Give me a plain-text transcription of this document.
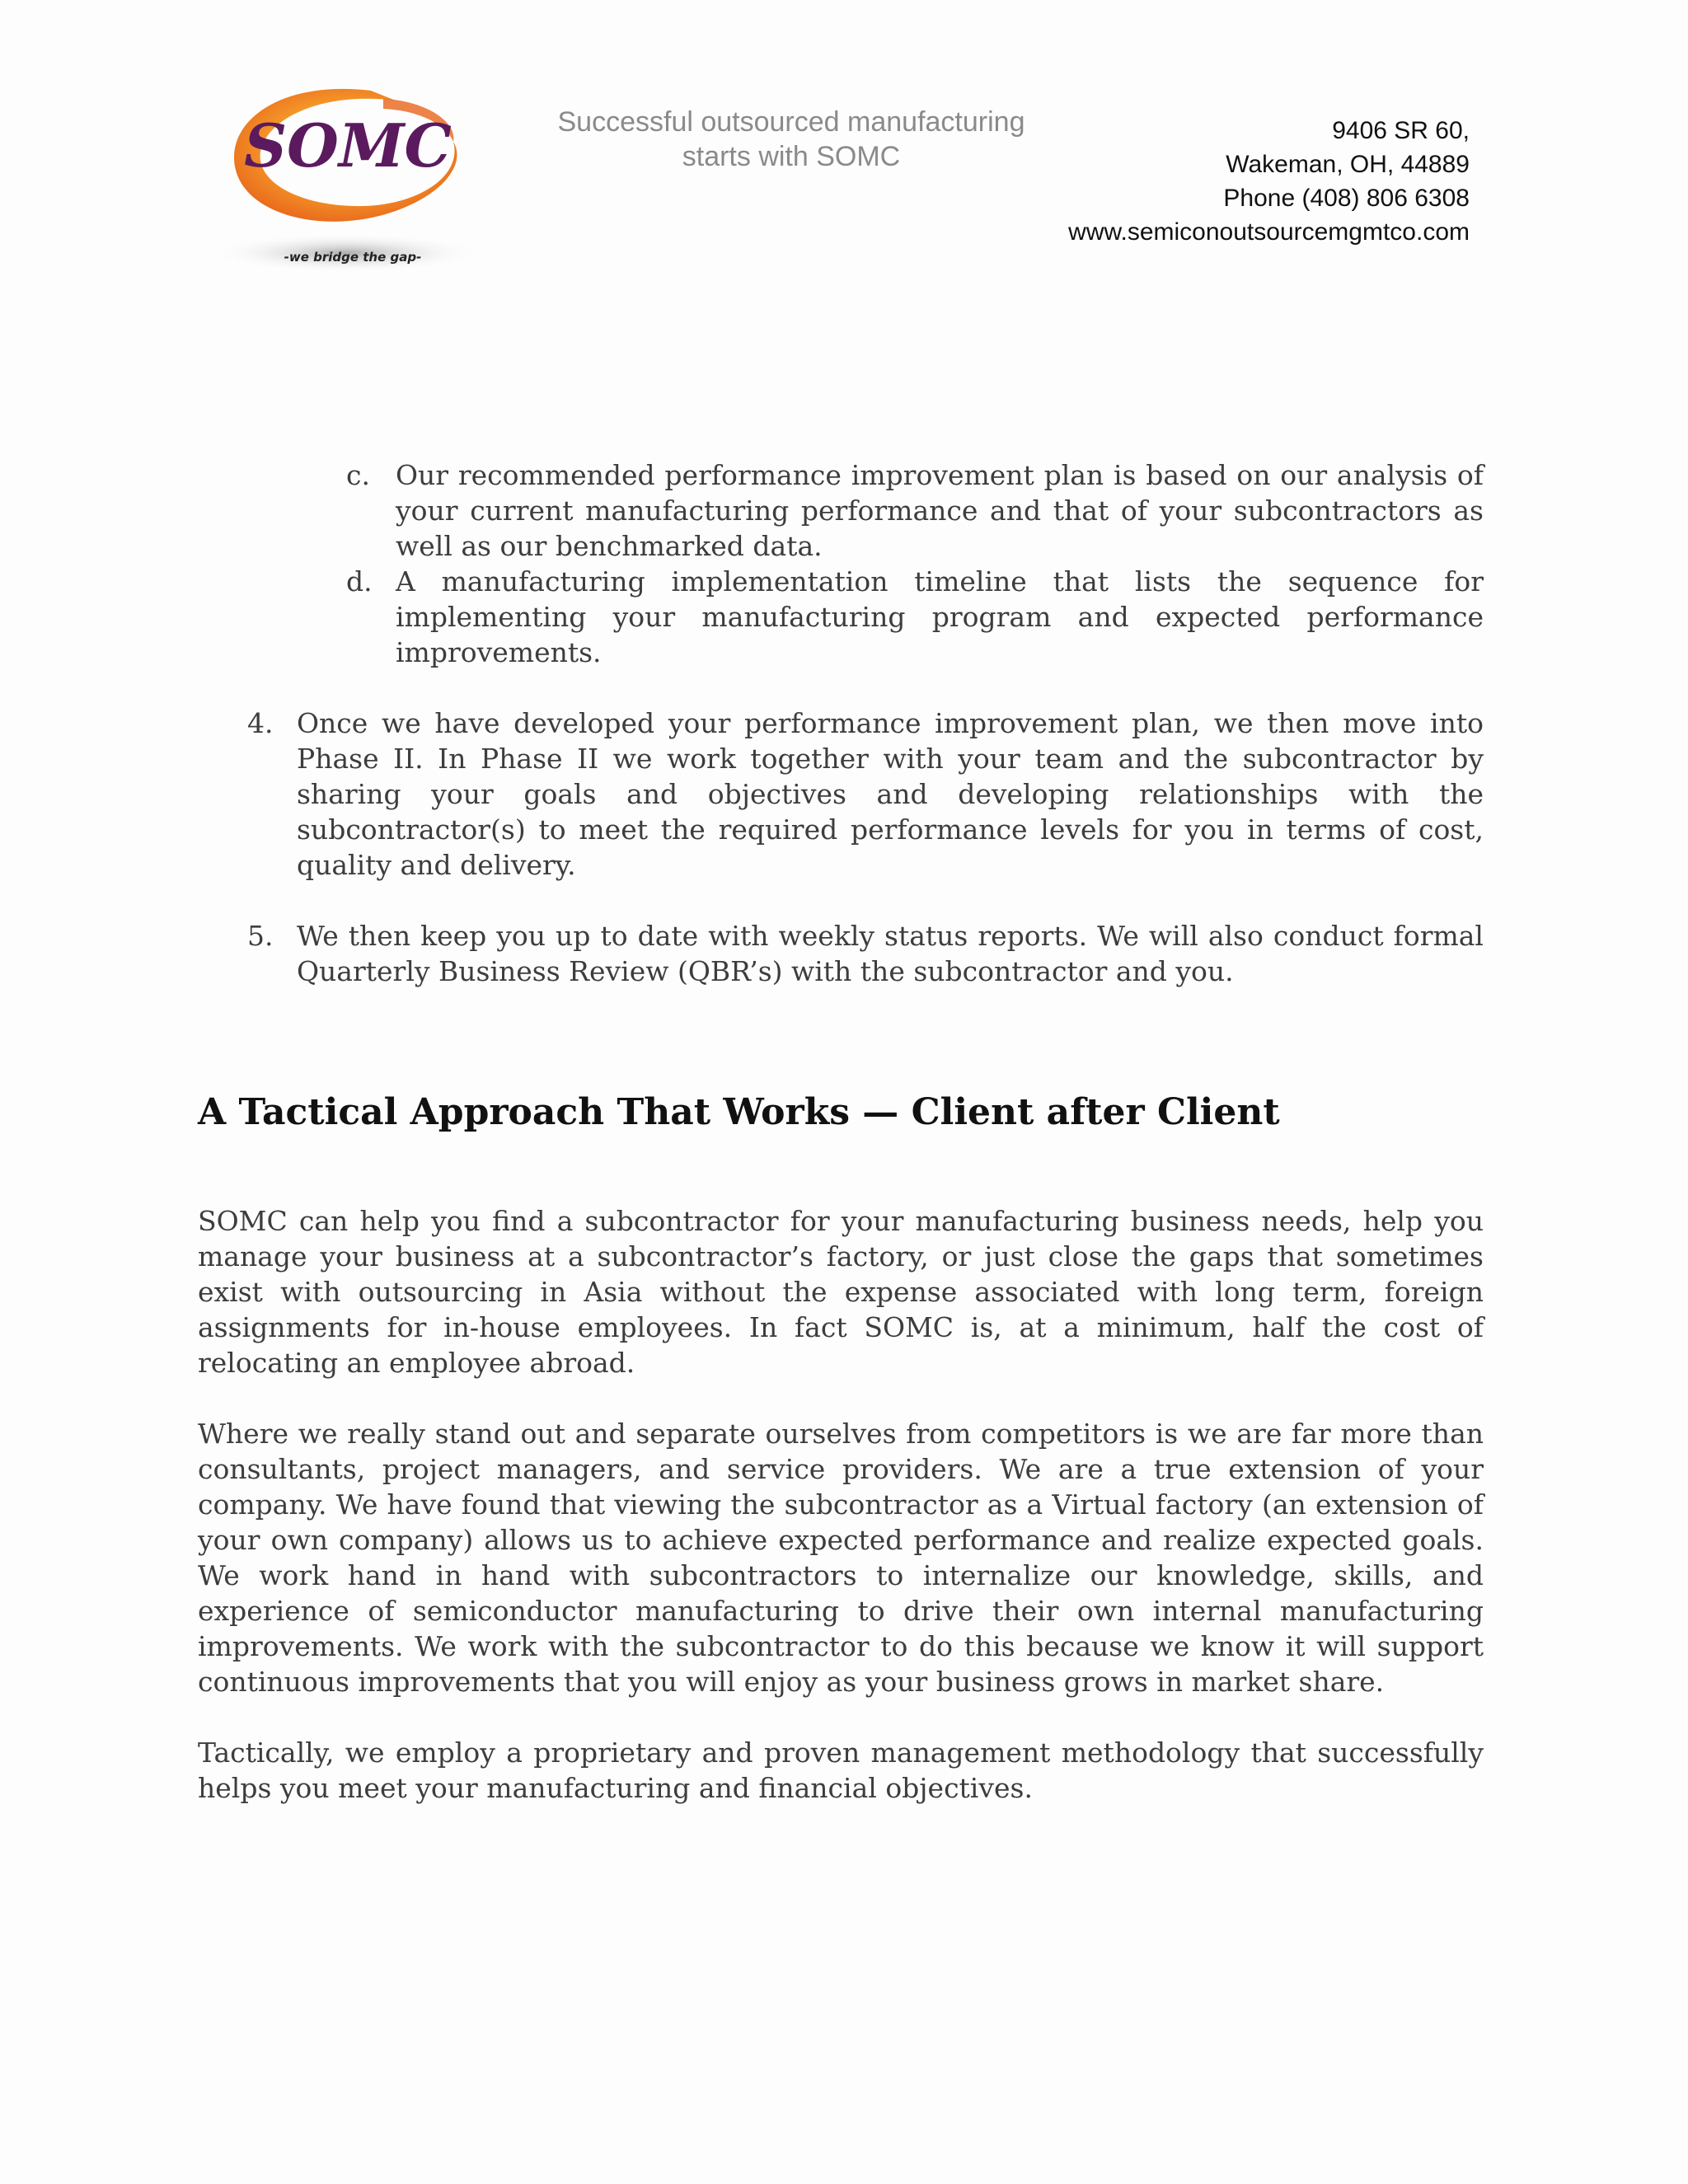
SOMC
-we bridge the gap-
Successful outsourced manufacturing
starts with SOMC
9406 SR 60,
Wakeman, OH, 44889
Phone (408) 806 6308
www.semiconoutsourcemgmtco.com
c. Our recommended performance improvement plan is based on our analysis of your current manufacturing performance and that of your subcontractors as well as our benchmarked data.
d. A manufacturing implementation timeline that lists the sequence for implementing your manufacturing program and expected performance improvements.
4. Once we have developed your performance improvement plan, we then move into Phase II. In Phase II we work together with your team and the subcontractor by sharing your goals and objectives and developing relationships with the subcontractor(s) to meet the required performance levels for you in terms of cost, quality and delivery.
5. We then keep you up to date with weekly status reports. We will also conduct formal Quarterly Business Review (QBR’s) with the subcontractor and you.
A Tactical Approach That Works — Client after Client

SOMC can help you find a subcontractor for your manufacturing business needs, help you manage your business at a subcontractor’s factory, or just close the gaps that sometimes exist with outsourcing in Asia without the expense associated with long term, foreign assignments for in-house employees. In fact SOMC is, at a minimum, half the cost of relocating an employee abroad.

Where we really stand out and separate ourselves from competitors is we are far more than consultants, project managers, and service providers. We are a true extension of your company. We have found that viewing the subcontractor as a Virtual factory (an extension of your own company) allows us to achieve expected performance and realize expected goals. We work hand in hand with subcontractors to internalize our knowledge, skills, and experience of semiconductor manufacturing to drive their own internal manufacturing improvements. We work with the subcontractor to do this because we know it will support continuous improvements that you will enjoy as your business grows in market share.

Tactically, we employ a proprietary and proven management methodology that successfully helps you meet your manufacturing and financial objectives.
